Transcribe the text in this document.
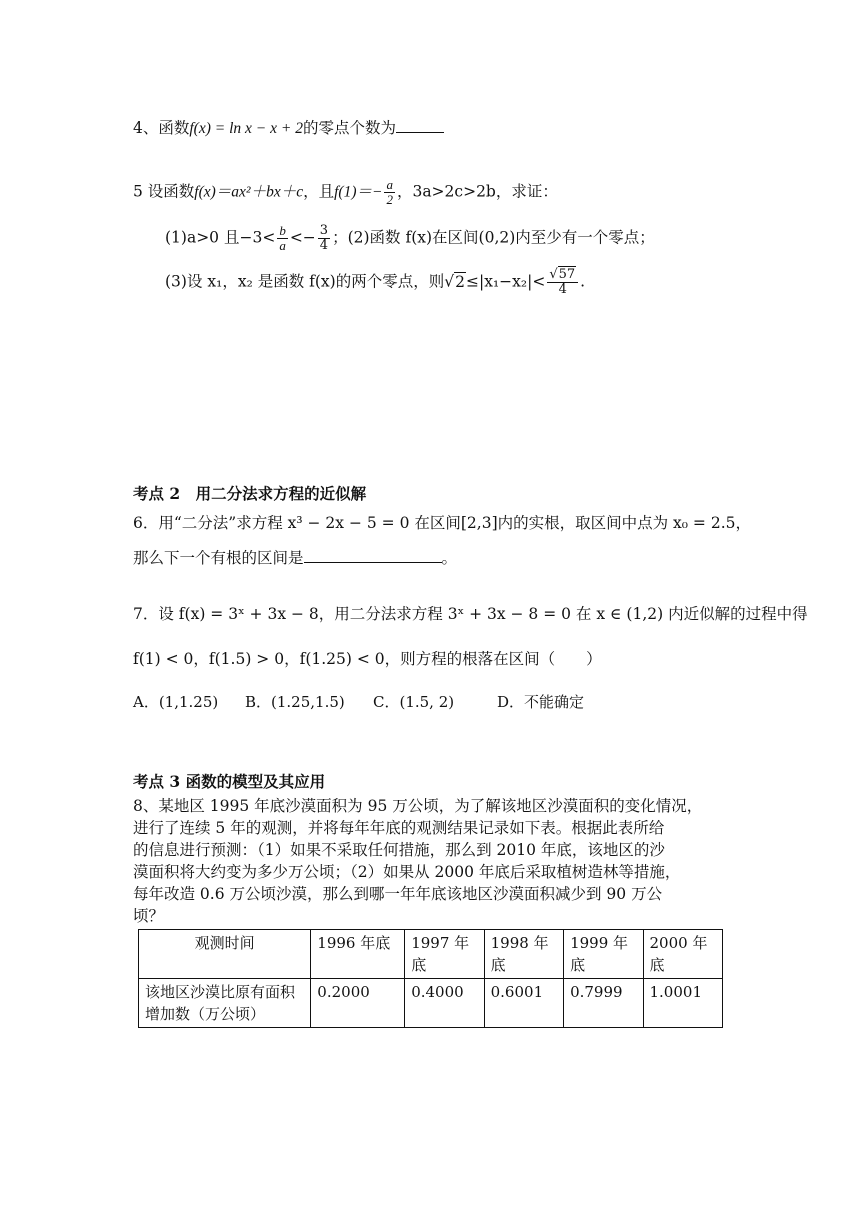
4、函数f(x) = ln x − x + 2的零点个数为
5 设函数f(x)＝ax²＋bx＋c，且$f(1)=- \frac{a}{2}$ ，3a>2c>2b，求证：
(1)a>0 且$-3< \frac{b}{a} <- \frac{3}{4}$ ；(2)函数 f(x)在区间(0,2)内至少有一个零点；
(3)设 x₁，x₂ 是函数 f(x)的两个零点，则$√2\le|x_1-x_2|< \frac{√57}{4}$ .
考点 2　用二分法求方程的近似解
6．用“二分法”求方程 x³ − 2x − 5 = 0 在区间[2,3]内的实根，取区间中点为 x₀ = 2.5，
那么下一个有根的区间是	。
7．设 f(x) = 3ˣ + 3x − 8，用二分法求方程 3ˣ + 3x − 8 = 0 在 x ∈ (1,2) 内近似解的过程中得
f(1) < 0，f(1.5) > 0，f(1.25) < 0，则方程的根落在区间（　　）
A．(1,1.25) B．(1.25,1.5) C．(1.5, 2)	D．不能确定
考点 3 函数的模型及其应用
8、某地区 1995 年底沙漠面积为 95 万公顷，为了解该地区沙漠面积的变化情况，
进行了连续 5 年的观测，并将每年年底的观测结果记录如下表。根据此表所给
的信息进行预测：（1）如果不采取任何措施，那么到 2010 年底，该地区的沙
漠面积将大约变为多少万公顷；（2）如果从 2000 年底后采取植树造林等措施，
每年改造 0.6 万公顷沙漠，那么到哪一年年底该地区沙漠面积减少到 90 万公
顷？
观测时间	1996 年底	1997 年底	1998 年底	1999 年底	2000 年底
该地区沙漠比原有面积增加数（万公顷）	0.2000	0.4000	0.6001	0.7999	1.0001
